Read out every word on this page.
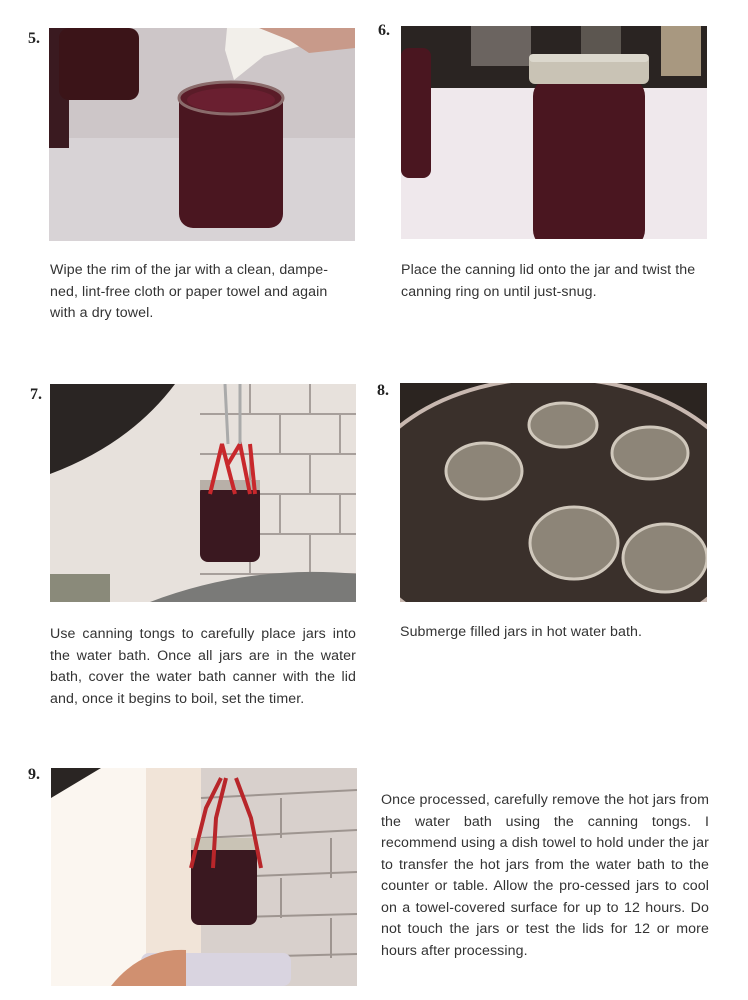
5.
Wipe the rim of the jar with a clean, dampe-ned, lint-free cloth or paper towel and again with a dry towel.
6.
Place the canning lid onto the jar and twist the canning ring on until just-snug.
7.
Use canning tongs to carefully place jars into the water bath. Once all jars are in the water bath, cover the water bath canner with the lid and, once it begins to boil, set the timer.
8.
Submerge filled jars in hot water bath.
9.
Once processed, carefully remove the hot jars from the water bath using the canning tongs. I recommend using a dish towel to hold under the jar to transfer the hot jars from the water bath to the counter or table. Allow the pro-cessed jars to cool on a towel-covered surface for up to 12 hours. Do not touch the jars or test the lids for 12 or more hours after processing.
